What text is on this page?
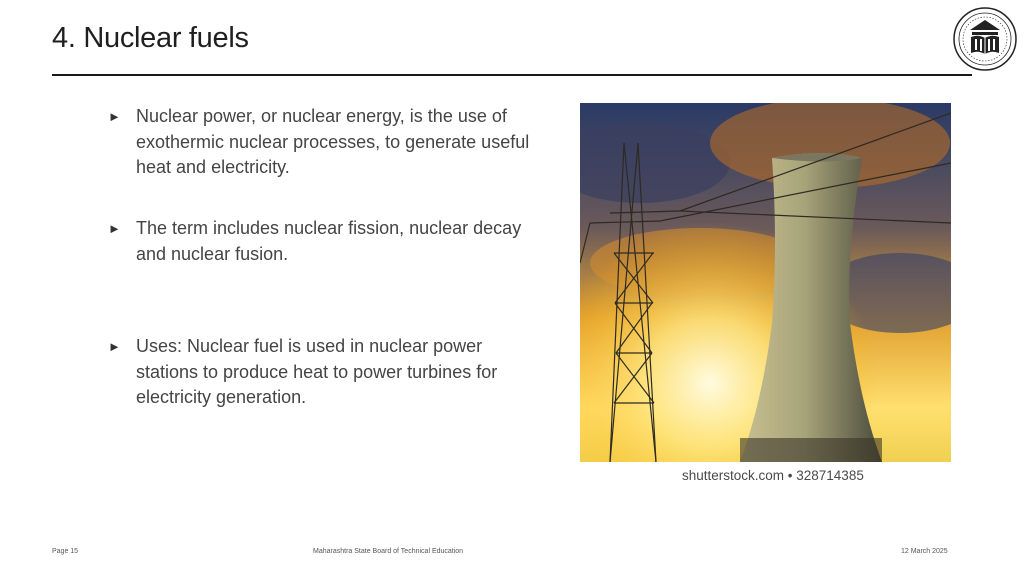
4. Nuclear fuels
► Nuclear power, or nuclear energy, is the use of exothermic nuclear processes, to generate useful heat and electricity.
► The term includes nuclear fission, nuclear decay and nuclear fusion.
► Uses: Nuclear fuel is used in nuclear power stations to produce heat to power turbines for electricity generation.
shutterstock.com • 328714385
Page 15	Maharashtra State Board of Technical Education	12 March 2025
